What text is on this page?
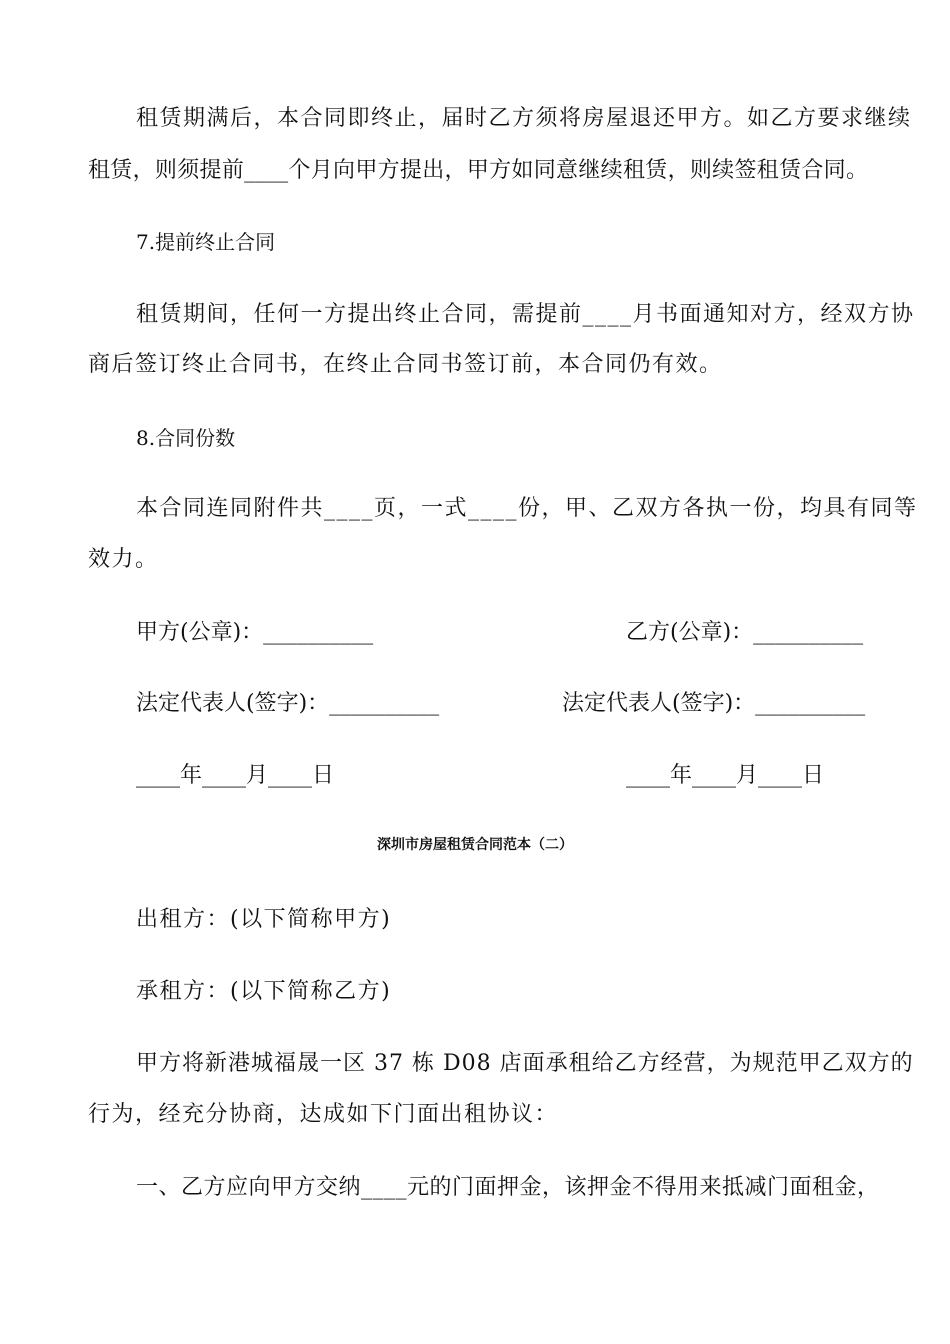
租赁期满后，本合同即终止，届时乙方须将房屋退还甲方。如乙方要求继续
租赁，则须提前____个月向甲方提出，甲方如同意继续租赁，则续签租赁合同。
7.提前终止合同
租赁期间，任何一方提出终止合同，需提前____月书面通知对方，经双方协
商后签订终止合同书，在终止合同书签订前，本合同仍有效。
8.合同份数
本合同连同附件共____页，一式____份，甲、乙双方各执一份，均具有同等
效力。
甲方(公章)：__________	乙方(公章)：__________
法定代表人(签字)：__________	法定代表人(签字)：__________
____年____月____日	____年____月____日
深圳市房屋租赁合同范本（二）
出租方：(以下简称甲方)
承租方：(以下简称乙方)
甲方将新港城福晟一区 37 栋 D08 店面承租给乙方经营，为规范甲乙双方的
行为，经充分协商，达成如下门面出租协议：
一、乙方应向甲方交纳____元的门面押金，该押金不得用来抵减门面租金，
